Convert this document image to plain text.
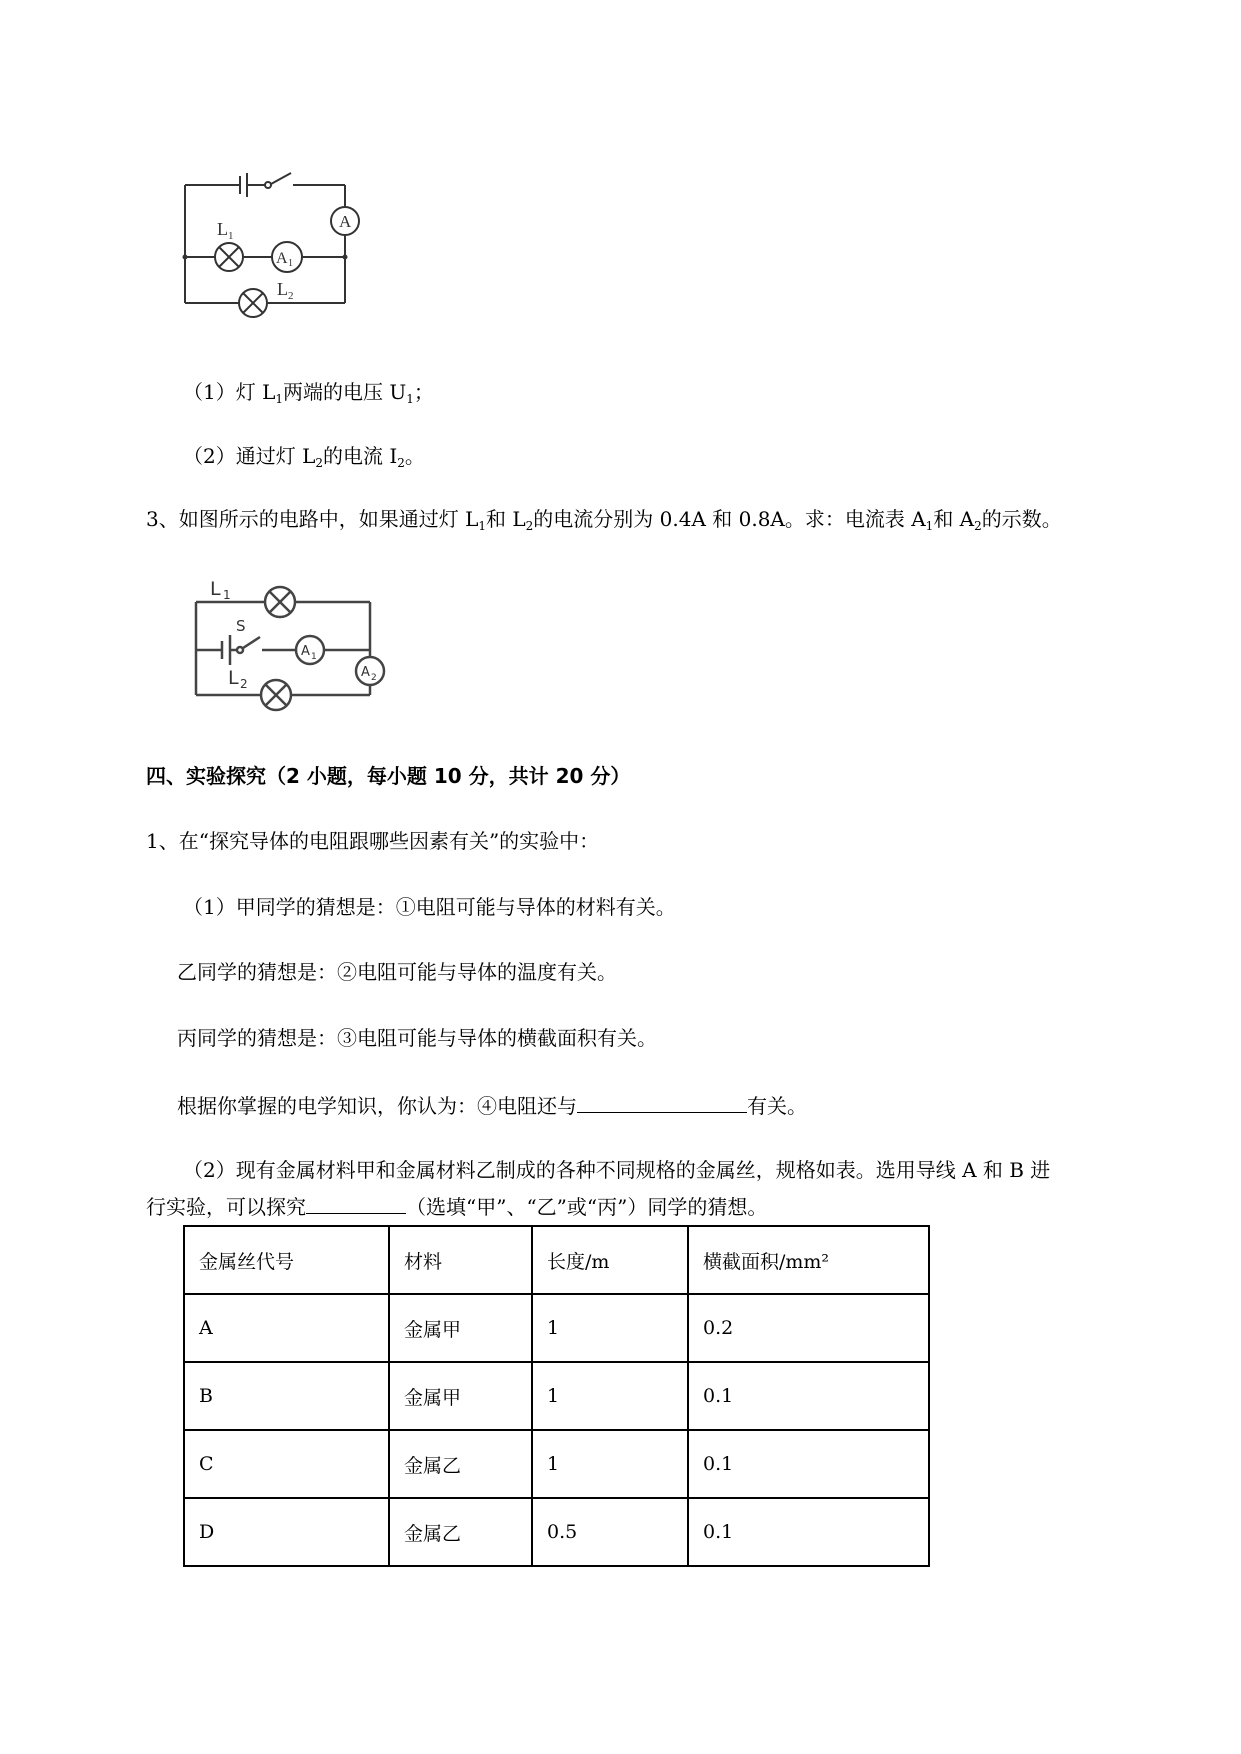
A
A 1
L 1
L 2
（1）灯 $L_1$两端的电压 $U_1$；
（2）通过灯 $L_2$的电流 $I_2$。
3、如图所示的电路中，如果通过灯 $L_1$和 $L_2$的电流分别为 0.4A 和 0.8A。求：电流表 $A_1$和 $A_2$的示数。
L 1
S
A 1
A 2
L 2
四、实验探究（2 小题，每小题 10 分，共计 20 分）
1、在“探究导体的电阻跟哪些因素有关”的实验中：
（1）甲同学的猜想是：①电阻可能与导体的材料有关。
乙同学的猜想是：②电阻可能与导体的温度有关。
丙同学的猜想是：③电阻可能与导体的横截面积有关。
根据你掌握的电学知识，你认为：④电阻还与	有关。
（2）现有金属材料甲和金属材料乙制成的各种不同规格的金属丝，规格如表。选用导线 A 和 B 进
行实验，可以探究	（选填“甲”、“乙”或“丙”）同学的猜想。
金属丝代号	材料	长度/m	横截面积/mm²
A	金属甲	1	0.2
B	金属甲	1	0.1
C	金属乙	1	0.1
D	金属乙	0.5	0.1
